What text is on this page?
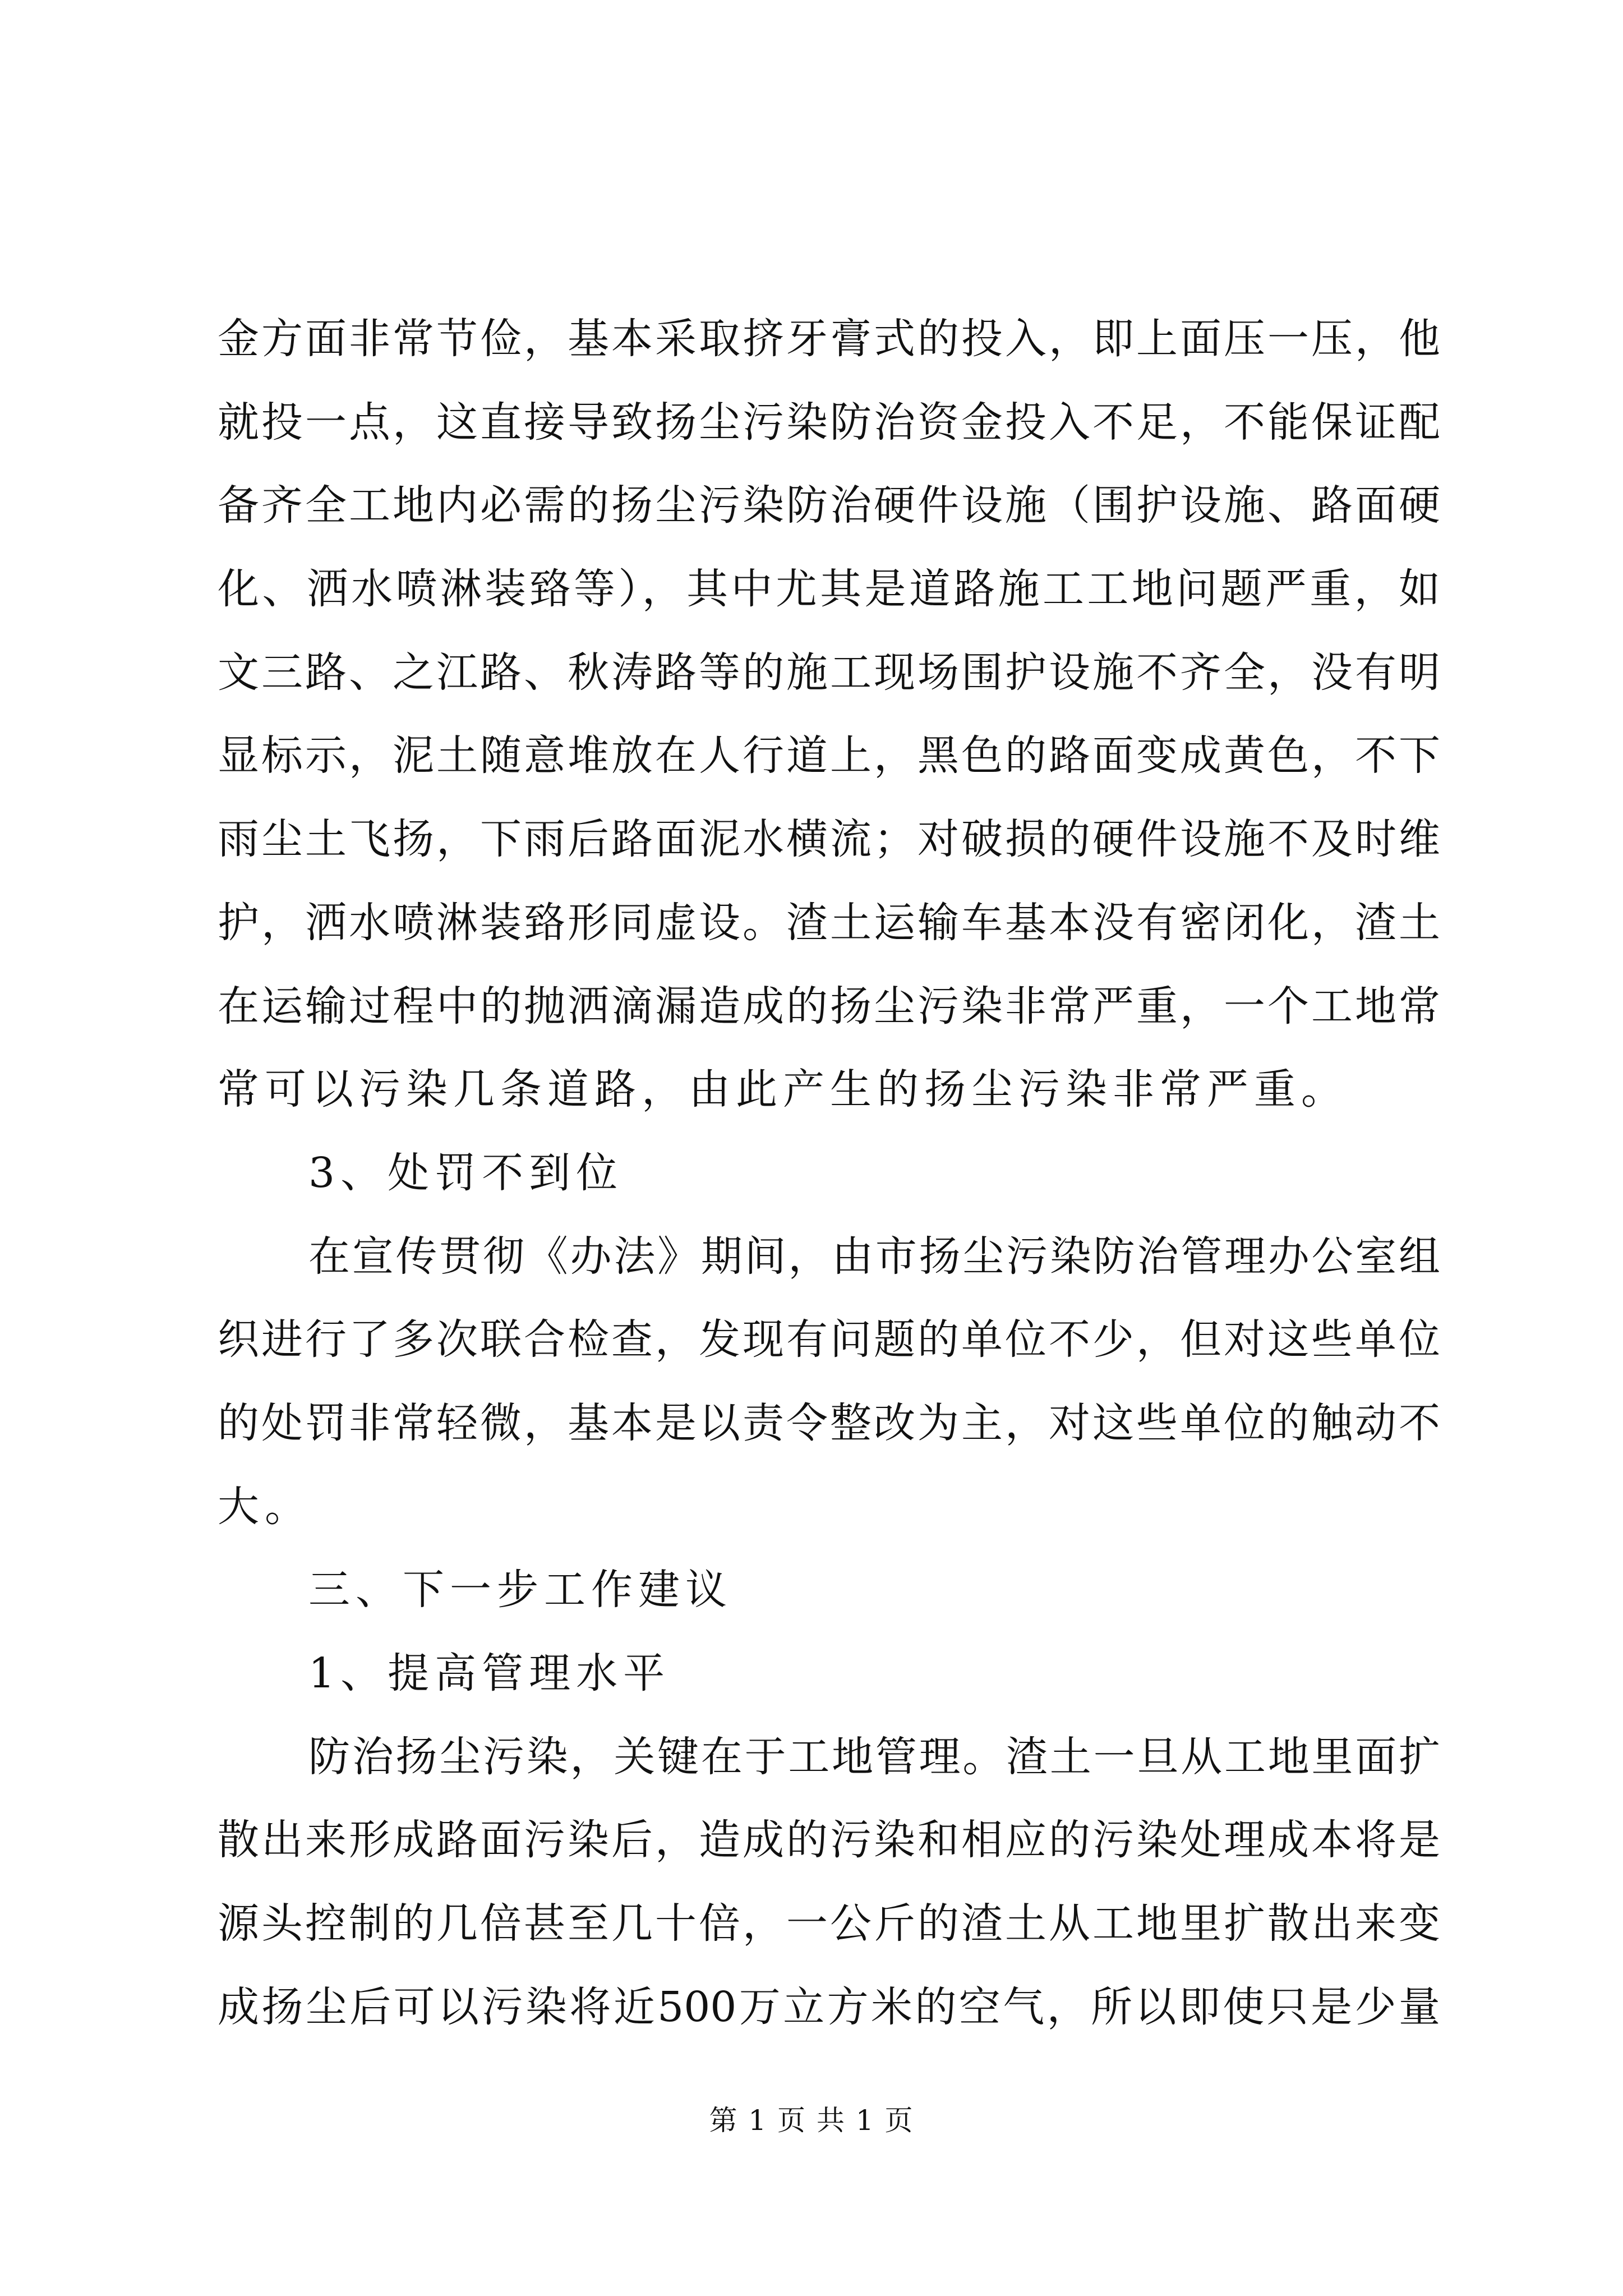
金方面非常节俭，基本采取挤牙膏式的投入，即上面压一压，他
就投一点，这直接导致扬尘污染防治资金投入不足，不能保证配
备齐全工地内必需的扬尘污染防治硬件设施（围护设施、路面硬
化、洒水喷淋装臵等），其中尤其是道路施工工地问题严重，如
文三路、之江路、秋涛路等的施工现场围护设施不齐全，没有明
显标示，泥土随意堆放在人行道上，黑色的路面变成黄色，不下
雨尘土飞扬，下雨后路面泥水横流；对破损的硬件设施不及时维
护，洒水喷淋装臵形同虚设。渣土运输车基本没有密闭化，渣土
在运输过程中的抛洒滴漏造成的扬尘污染非常严重，一个工地常
常可以污染几条道路，由此产生的扬尘污染非常严重。
3、处罚不到位
在宣传贯彻《办法》期间，由市扬尘污染防治管理办公室组
织进行了多次联合检查，发现有问题的单位不少，但对这些单位
的处罚非常轻微，基本是以责令整改为主，对这些单位的触动不
大。
三、下一步工作建议
1、提高管理水平
防治扬尘污染，关键在于工地管理。渣土一旦从工地里面扩
散出来形成路面污染后，造成的污染和相应的污染处理成本将是
源头控制的几倍甚至几十倍，一公斤的渣土从工地里扩散出来变
成扬尘后可以污染将近500万立方米的空气，所以即使只是少量
第 1 页 共 1 页
